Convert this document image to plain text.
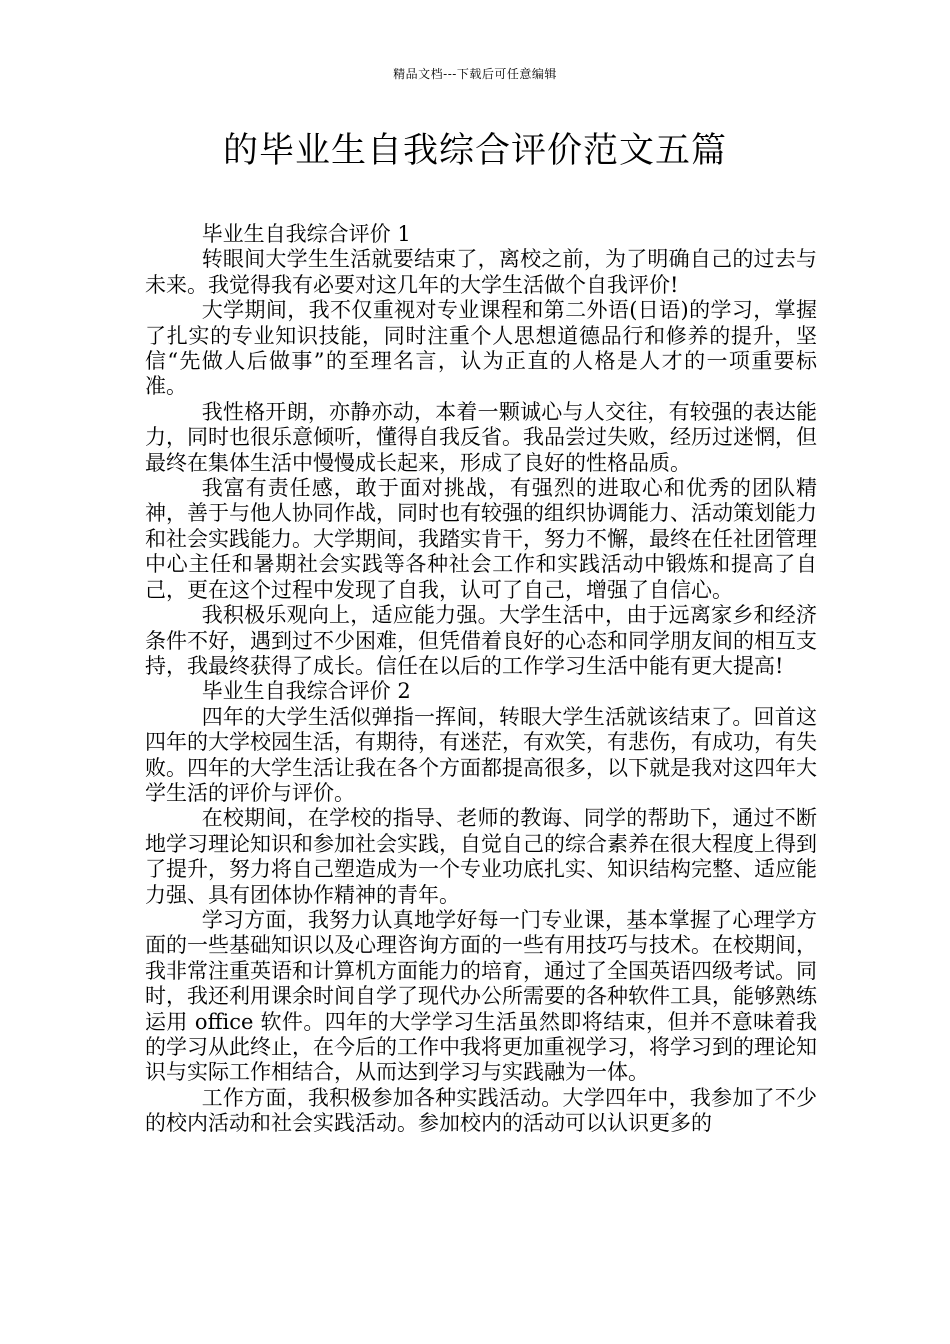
精品文档---下载后可任意编辑
的毕业生自我综合评价范文五篇

毕业生自我综合评价 1

转眼间大学生生活就要结束了，离校之前，为了明确自己的过去与未来。我觉得我有必要对这几年的大学生活做个自我评价!

大学期间，我不仅重视对专业课程和第二外语(日语)的学习，掌握了扎实的专业知识技能，同时注重个人思想道德品行和修养的提升，坚信“先做人后做事”的至理名言，认为正直的人格是人才的一项重要标准。

我性格开朗，亦静亦动，本着一颗诚心与人交往，有较强的表达能力，同时也很乐意倾听，懂得自我反省。我品尝过失败，经历过迷惘，但最终在集体生活中慢慢成长起来，形成了良好的性格品质。

我富有责任感，敢于面对挑战，有强烈的进取心和优秀的团队精神，善于与他人协同作战，同时也有较强的组织协调能力、活动策划能力和社会实践能力。大学期间，我踏实肯干，努力不懈，最终在任社团管理中心主任和暑期社会实践等各种社会工作和实践活动中锻炼和提高了自己，更在这个过程中发现了自我，认可了自己，增强了自信心。

我积极乐观向上，适应能力强。大学生活中，由于远离家乡和经济条件不好，遇到过不少困难，但凭借着良好的心态和同学朋友间的相互支持，我最终获得了成长。信任在以后的工作学习生活中能有更大提高!

毕业生自我综合评价 2

四年的大学生活似弹指一挥间，转眼大学生活就该结束了。回首这四年的大学校园生活，有期待，有迷茫，有欢笑，有悲伤，有成功，有失败。四年的大学生活让我在各个方面都提高很多，以下就是我对这四年大学生活的评价与评价。

在校期间，在学校的指导、老师的教诲、同学的帮助下，通过不断地学习理论知识和参加社会实践，自觉自己的综合素养在很大程度上得到了提升，努力将自己塑造成为一个专业功底扎实、知识结构完整、适应能力强、具有团体协作精神的青年。

学习方面，我努力认真地学好每一门专业课，基本掌握了心理学方面的一些基础知识以及心理咨询方面的一些有用技巧与技术。在校期间，我非常注重英语和计算机方面能力的培育，通过了全国英语四级考试。同时，我还利用课余时间自学了现代办公所需要的各种软件工具，能够熟练运用 office 软件。四年的大学学习生活虽然即将结束，但并不意味着我的学习从此终止，在今后的工作中我将更加重视学习，将学习到的理论知识与实际工作相结合，从而达到学习与实践融为一体。

工作方面，我积极参加各种实践活动。大学四年中，我参加了不少的校内活动和社会实践活动。参加校内的活动可以认识更多的
